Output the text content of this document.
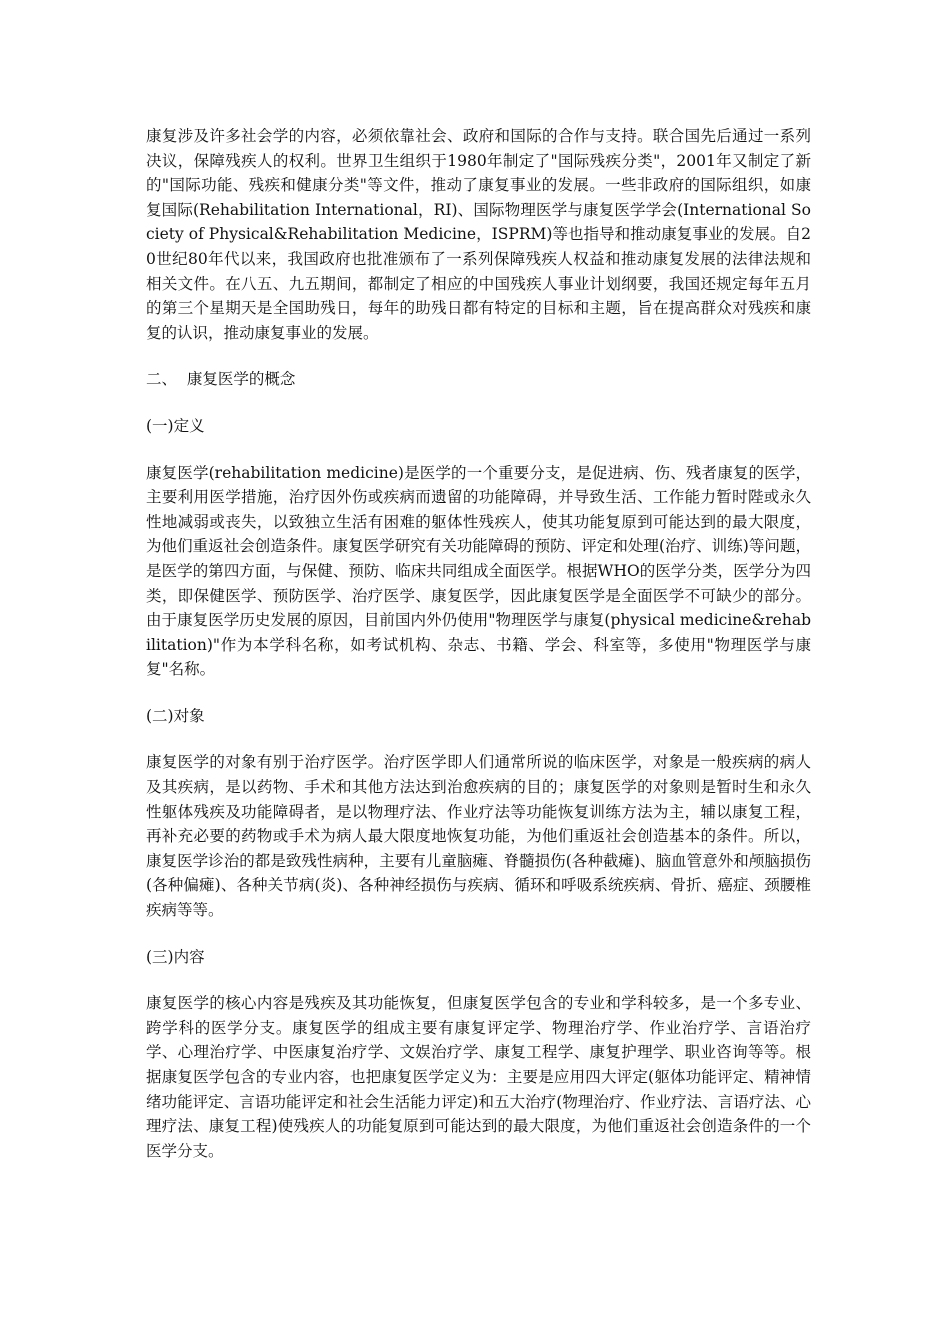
康复涉及许多社会学的内容，必须依靠社会、政府和国际的合作与支持。联合国先后通过一系列决议，保障残疾人的权利。世界卫生组织于1980年制定了"国际残疾分类"，2001年又制定了新的"国际功能、残疾和健康分类"等文件，推动了康复事业的发展。一些非政府的国际组织，如康复国际(Rehabilitation International，RI)、国际物理医学与康复医学学会(International Society of Physical&Rehabilitation Medicine，ISPRM)等也指导和推动康复事业的发展。自20世纪80年代以来，我国政府也批准颁布了一系列保障残疾人权益和推动康复发展的法律法规和相关文件。在八五、九五期间，都制定了相应的中国残疾人事业计划纲要，我国还规定每年五月的第三个星期天是全国助残日，每年的助残日都有特定的目标和主题，旨在提高群众对残疾和康复的认识，推动康复事业的发展。

二、  康复医学的概念

(一)定义

康复医学(rehabilitation medicine)是医学的一个重要分支，是促进病、伤、残者康复的医学，主要利用医学措施，治疗因外伤或疾病而遗留的功能障碍，并导致生活、工作能力暂时陛或永久性地减弱或丧失，以致独立生活有困难的躯体性残疾人，使其功能复原到可能达到的最大限度，为他们重返社会创造条件。康复医学研究有关功能障碍的预防、评定和处理(治疗、训练)等问题，是医学的第四方面，与保健、预防、临床共同组成全面医学。根据WHO的医学分类，医学分为四类，即保健医学、预防医学、治疗医学、康复医学，因此康复医学是全面医学不可缺少的部分。由于康复医学历史发展的原因，目前国内外仍使用"物理医学与康复(physical medicine&rehabilitation)"作为本学科名称，如考试机构、杂志、书籍、学会、科室等，多使用"物理医学与康复"名称。

(二)对象

康复医学的对象有别于治疗医学。治疗医学即人们通常所说的临床医学，对象是一般疾病的病人及其疾病，是以药物、手术和其他方法达到治愈疾病的目的；康复医学的对象则是暂时生和永久性躯体残疾及功能障碍者，是以物理疗法、作业疗法等功能恢复训练方法为主，辅以康复工程，再补充必要的药物或手术为病人最大限度地恢复功能，为他们重返社会创造基本的条件。所以，康复医学诊治的都是致残性病种，主要有儿童脑瘫、脊髓损伤(各种截瘫)、脑血管意外和颅脑损伤(各种偏瘫)、各种关节病(炎)、各种神经损伤与疾病、循环和呼吸系统疾病、骨折、癌症、颈腰椎疾病等等。

(三)内容

康复医学的核心内容是残疾及其功能恢复，但康复医学包含的专业和学科较多，是一个多专业、跨学科的医学分支。康复医学的组成主要有康复评定学、物理治疗学、作业治疗学、言语治疗学、心理治疗学、中医康复治疗学、文娱治疗学、康复工程学、康复护理学、职业咨询等等。根据康复医学包含的专业内容，也把康复医学定义为：主要是应用四大评定(躯体功能评定、精神情绪功能评定、言语功能评定和社会生活能力评定)和五大治疗(物理治疗、作业疗法、言语疗法、心理疗法、康复工程)使残疾人的功能复原到可能达到的最大限度，为他们重返社会创造条件的一个医学分支。
